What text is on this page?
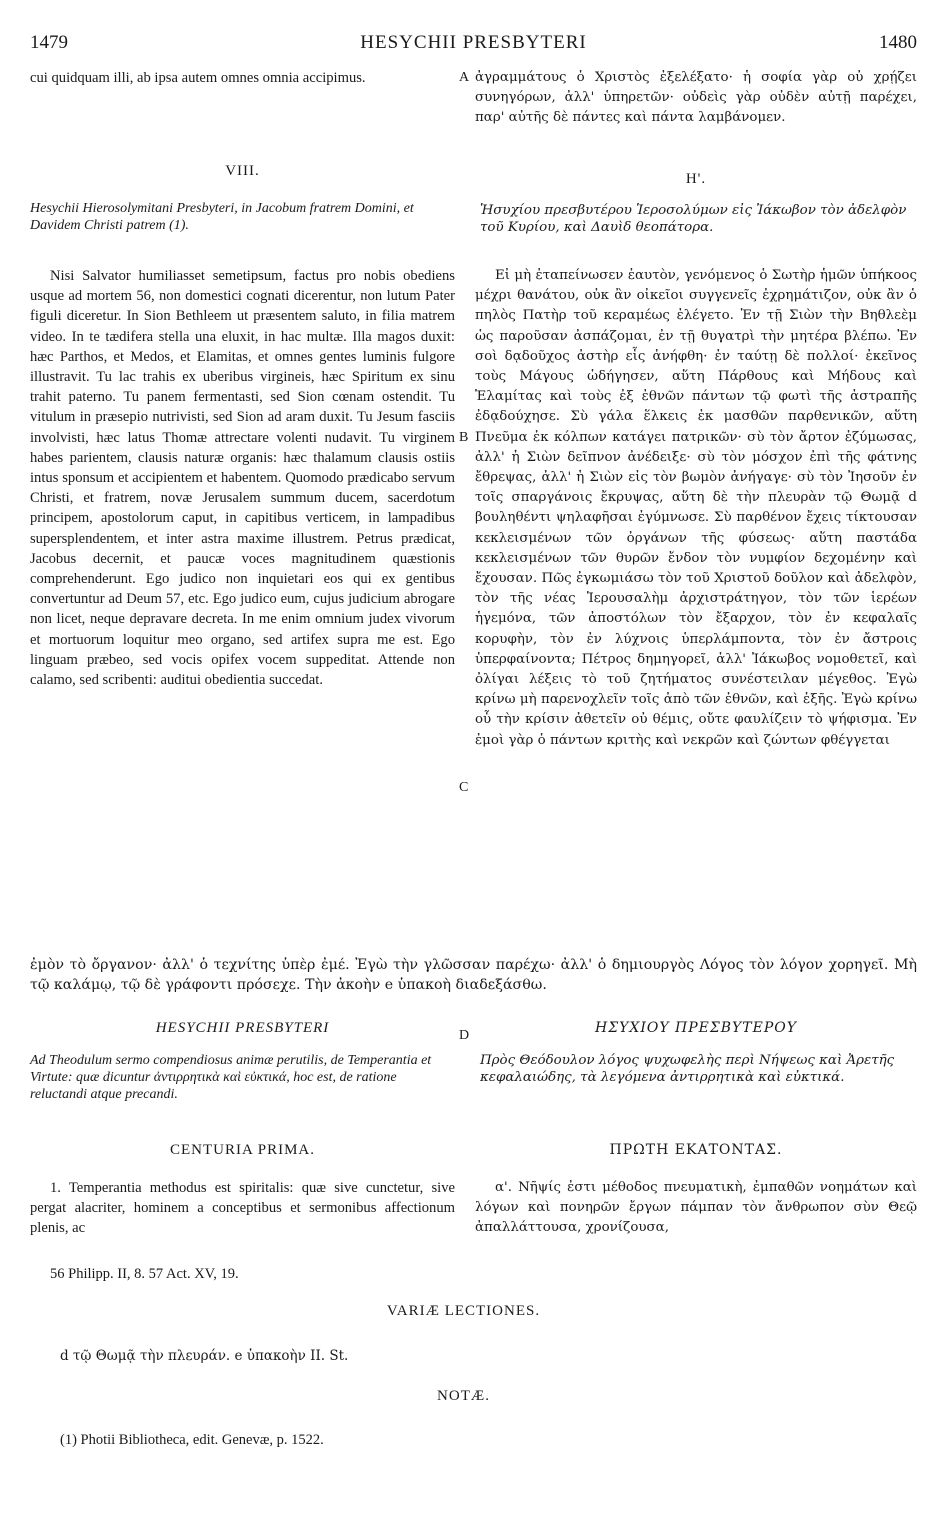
1479	HESYCHII PRESBYTERI	1480

cui quidquam illi, ab ipsa autem omnes omnia accipimus.	ἀγραμμάτους ὁ Χριστὸς ἐξελέξατο· ἡ σοφία γὰρ οὐ χρῄζει συνηγόρων, ἀλλ' ὑπηρετῶν· οὐδεὶς γὰρ οὐδὲν αὐτῇ παρέχει, παρ' αὐτῆς δὲ πάντες καὶ πάντα λαμβάνομεν.

A
VIII.	Η'.
Hesychii Hierosolymitani Presbyteri, in Jacobum fratrem Domini, et Davidem Christi patrem (1).
Ἡσυχίου πρεσβυτέρου Ἱεροσολύμων εἰς Ἰάκωβον τὸν ἀδελφὸν τοῦ Κυρίου, καὶ Δαυὶδ θεοπάτορα.

Nisi Salvator humiliasset semetipsum, factus pro nobis obediens usque ad mortem 56, non domestici cognati dicerentur, non lutum Pater figuli diceretur. In Sion Bethleem ut præsentem saluto, in filia matrem video. In te tædifera stella una eluxit, in hac multæ. Illa magos duxit: hæc Parthos, et Medos, et Elamitas, et omnes gentes luminis fulgore illustravit. Tu lac trahis ex uberibus virgineis, hæc Spiritum ex sinu trahit paterno. Tu panem fermentasti, sed Sion cœnam ostendit. Tu vitulum in præsepio nutrivisti, sed Sion ad aram duxit. Tu Jesum fasciis involvisti, hæc latus Thomæ attrectare volenti nudavit. Tu virginem habes parientem, clausis naturæ organis: hæc thalamum clausis ostiis intus sponsum et accipientem et habentem. Quomodo prædicabo servum Christi, et fratrem, novæ Jerusalem summum ducem, sacerdotum principem, apostolorum caput, in capitibus verticem, in lampadibus supersplendentem, et inter astra maxime illustrem. Petrus prædicat, Jacobus decernit, et paucæ voces magnitudinem quæstionis comprehenderunt. Ego judico non inquietari eos qui ex gentibus convertuntur ad Deum 57, etc. Ego judico eum, cujus judicium abrogare non licet, neque depravare decreta. In me enim omnium judex vivorum et mortuorum loquitur meo organo, sed artifex supra me est. Ego linguam præbeo, sed vocis opifex vocem suppeditat. Attende non calamo, sed scribenti: auditui obedientia succedat.

Εἰ μὴ ἐταπείνωσεν ἑαυτὸν, γενόμενος ὁ Σωτὴρ ἡμῶν ὑπήκοος μέχρι θανάτου, οὐκ ἂν οἰκεῖοι συγγενεῖς ἐχρημάτιζον, οὐκ ἂν ὁ πηλὸς Πατὴρ τοῦ κεραμέως ἐλέγετο. Ἐν τῇ Σιὼν τὴν Βηθλεὲμ ὡς παροῦσαν ἀσπάζομαι, ἐν τῇ θυγατρὶ τὴν μητέρα βλέπω. Ἐν σοὶ δᾳδοῦχος ἀστὴρ εἷς ἀνήφθη· ἐν ταύτῃ δὲ πολλοί· ἐκεῖνος τοὺς Μάγους ὡδήγησεν, αὕτη Πάρθους καὶ Μήδους καὶ Ἐλαμίτας καὶ τοὺς ἐξ ἐθνῶν πάντων τῷ φωτὶ τῆς ἀστραπῆς ἐδᾳδούχησε. Σὺ γάλα ἕλκεις ἐκ μασθῶν παρθενικῶν, αὕτη Πνεῦμα ἐκ κόλπων κατάγει πατρικῶν· σὺ τὸν ἄρτον ἐζύμωσας, ἀλλ' ἡ Σιὼν δεῖπνον ἀνέδειξε· σὺ τὸν μόσχον ἐπὶ τῆς φάτνης ἔθρεψας, ἀλλ' ἡ Σιὼν εἰς τὸν βωμὸν ἀνήγαγε· σὺ τὸν Ἰησοῦν ἐν τοῖς σπαργάνοις ἔκρυψας, αὕτη δὲ τὴν πλευρὰν τῷ Θωμᾷ d βουληθέντι ψηλαφῆσαι ἐγύμνωσε. Σὺ παρθένον ἔχεις τίκτουσαν κεκλεισμένων τῶν ὀργάνων τῆς φύσεως· αὕτη παστάδα κεκλεισμένων τῶν θυρῶν ἔνδον τὸν νυμφίον δεχομένην καὶ ἔχουσαν. Πῶς ἐγκωμιάσω τὸν τοῦ Χριστοῦ δοῦλον καὶ ἀδελφὸν, τὸν τῆς νέας Ἱερουσαλὴμ ἀρχιστράτηγον, τὸν τῶν ἱερέων ἡγεμόνα, τῶν ἀποστόλων τὸν ἔξαρχον, τὸν ἐν κεφαλαῖς κορυφὴν, τὸν ἐν λύχνοις ὑπερλάμποντα, τὸν ἐν ἄστροις ὑπερφαίνοντα; Πέτρος δημηγορεῖ, ἀλλ' Ἰάκωβος νομοθετεῖ, καὶ ὀλίγαι λέξεις τὸ τοῦ ζητήματος συνέστειλαν μέγεθος. Ἐγὼ κρίνω μὴ παρενοχλεῖν τοῖς ἀπὸ τῶν ἐθνῶν, καὶ ἑξῆς. Ἐγὼ κρίνω οὗ τὴν κρίσιν ἀθετεῖν οὐ θέμις, οὔτε φαυλίζειν τὸ ψήφισμα. Ἐν ἐμοὶ γὰρ ὁ πάντων κριτὴς καὶ νεκρῶν καὶ ζώντων φθέγγεται

B
C
ἐμὸν τὸ ὄργανον· ἀλλ' ὁ τεχνίτης ὑπὲρ ἐμέ. Ἐγὼ τὴν γλῶσσαν παρέχω· ἀλλ' ὁ δημιουργὸς Λόγος τὸν λόγον χορηγεῖ. Μὴ τῷ καλάμῳ, τῷ δὲ γράφοντι πρόσεχε. Τὴν ἀκοὴν e ὑπακοὴ διαδεξάσθω.
HESYCHII PRESBYTERI	ΗΣΥΧΙΟΥ ΠΡΕΣΒΥΤΕΡΟΥ
D
Ad Theodulum sermo compendiosus animæ perutilis, de Temperantia et Virtute: quæ dicuntur ἀντιρρητικὰ καὶ εὐκτικά, hoc est, de ratione reluctandi atque precandi.
Πρὸς Θεόδουλον λόγος ψυχωφελὴς περὶ Νήψεως καὶ Ἀρετῆς κεφαλαιώδης, τὰ λεγόμενα ἀντιρρητικὰ καὶ εὐκτικά.
CENTURIA PRIMA.	ΠΡΩΤΗ ΕΚΑΤΟΝΤΑΣ.

1. Temperantia methodus est spiritalis: quæ sive cunctetur, sive pergat alacriter, hominem a conceptibus et sermonibus affectionum plenis, ac

α'. Νῆψίς ἐστι μέθοδος πνευματικὴ, ἐμπαθῶν νοημάτων καὶ λόγων καὶ πονηρῶν ἔργων πάμπαν τὸν ἄνθρωπον σὺν Θεῷ ἀπαλλάττουσα, χρονίζουσα,

56 Philipp. II, 8. 57 Act. XV, 19.
VARIÆ LECTIONES.
d τῷ Θωμᾷ τὴν πλευράν. e ὑπακοὴν II. St.
NOTÆ.
(1) Photii Bibliotheca, edit. Genevæ, p. 1522.
